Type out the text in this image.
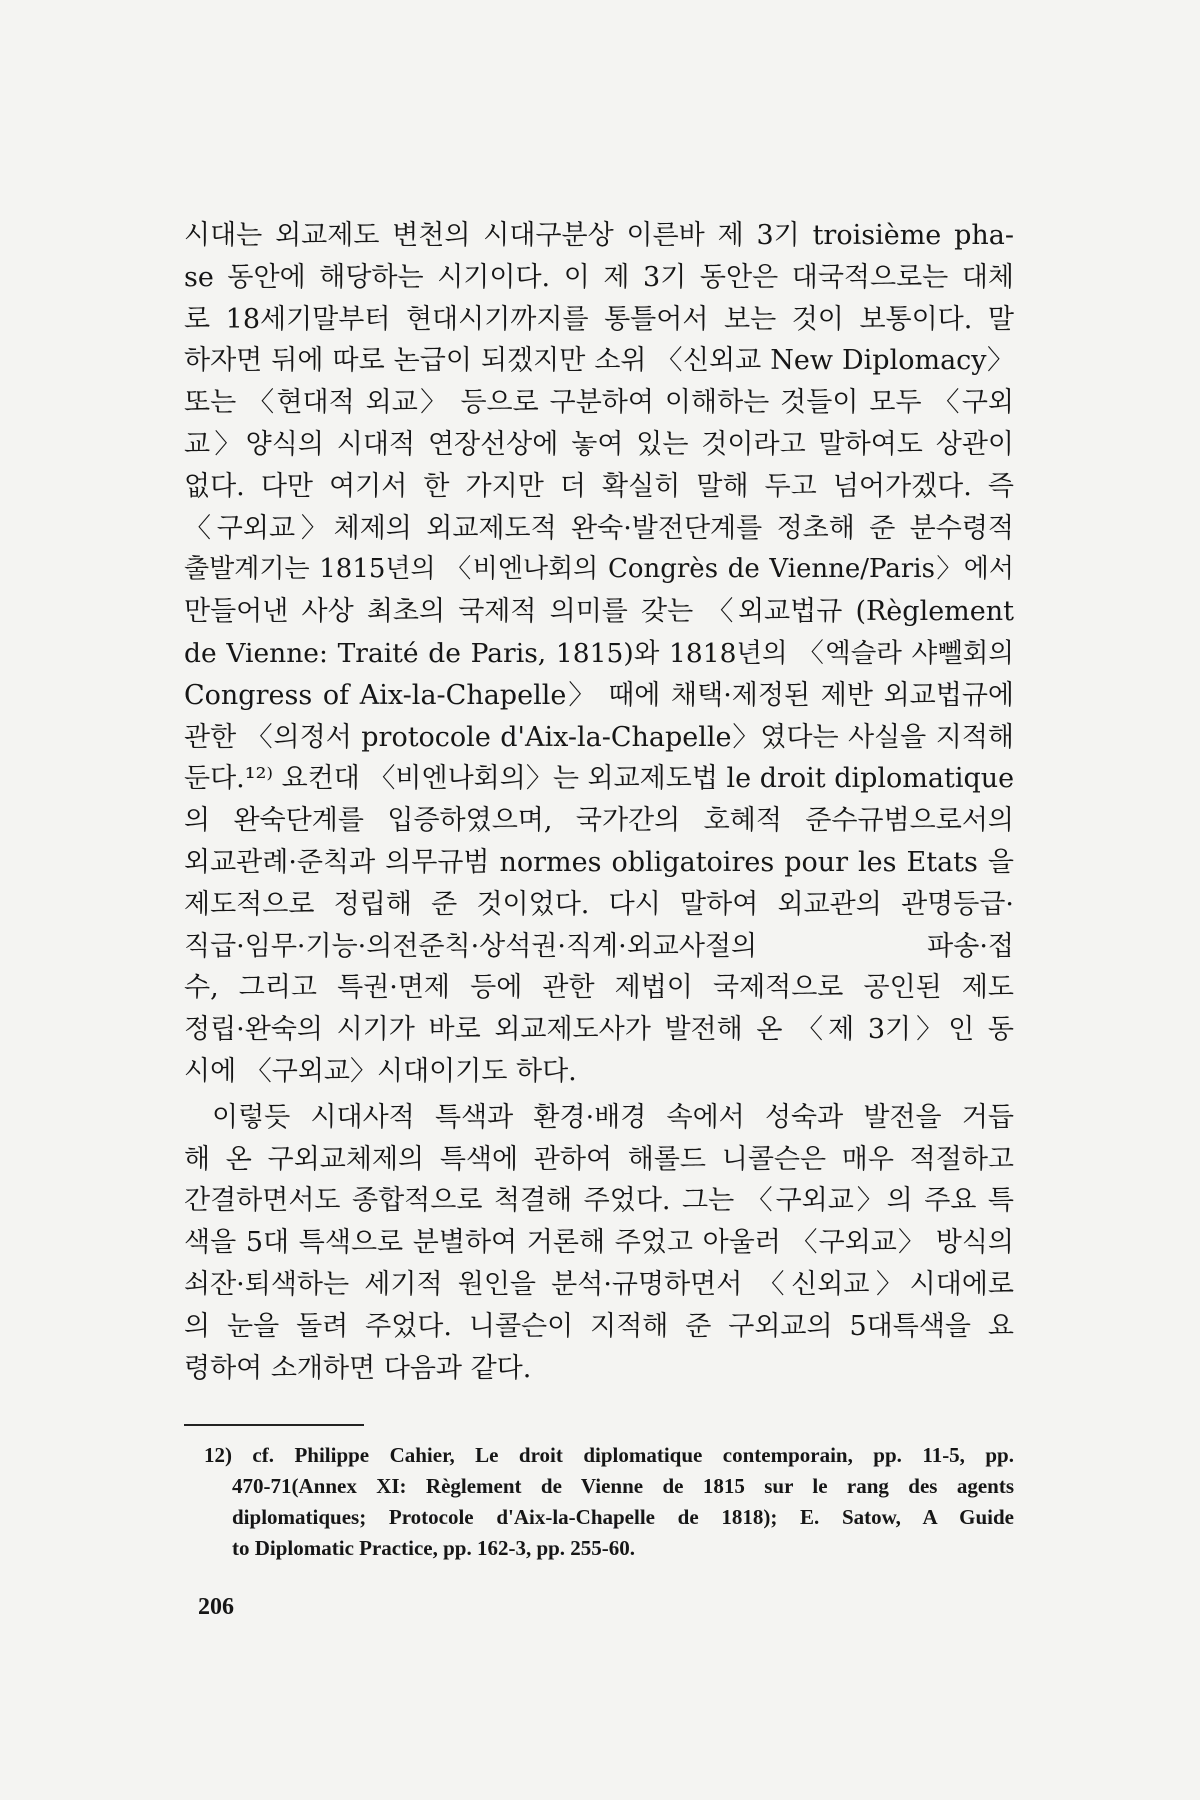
시대는 외교제도 변천의 시대구분상 이른바 제 3기 troisième pha-

se 동안에 해당하는 시기이다. 이 제 3기 동안은 대국적으로는 대체

로 18세기말부터 현대시기까지를 통틀어서 보는 것이 보통이다. 말

하자면 뒤에 따로 논급이 되겠지만 소위 〈신외교 New Diplomacy〉

또는 〈현대적 외교〉 등으로 구분하여 이해하는 것들이 모두 〈구외

교〉양식의 시대적 연장선상에 놓여 있는 것이라고 말하여도 상관이

없다. 다만 여기서 한 가지만 더 확실히 말해 두고 넘어가겠다. 즉

〈구외교〉체제의 외교제도적 완숙·발전단계를 정초해 준 분수령적

출발계기는 1815년의 〈비엔나회의 Congrès de Vienne/Paris〉에서

만들어낸 사상 최초의 국제적 의미를 갖는 〈외교법규 (Règlement

de Vienne: Traité de Paris, 1815)와 1818년의 〈엑슬라 샤뻴회의

Congress of Aix-la-Chapelle〉 때에 채택·제정된 제반 외교법규에

관한 〈의정서 protocole d'Aix-la-Chapelle〉였다는 사실을 지적해

둔다.¹²⁾ 요컨대 〈비엔나회의〉는 외교제도법 le droit diplomatique

의 완숙단계를 입증하였으며, 국가간의 호혜적 준수규범으로서의

외교관례·준칙과 의무규범 normes obligatoires pour les Etats 을

제도적으로 정립해 준 것이었다. 다시 말하여 외교관의 관명등급·

직급·임무·기능·의전준칙·상석권·직계·외교사절의 파송·접

수, 그리고 특권·면제 등에 관한 제법이 국제적으로 공인된 제도

정립·완숙의 시기가 바로 외교제도사가 발전해 온 〈제 3기〉인 동

시에 〈구외교〉시대이기도 하다.

이렇듯 시대사적 특색과 환경·배경 속에서 성숙과 발전을 거듭

해 온 구외교체제의 특색에 관하여 해롤드 니콜슨은 매우 적절하고

간결하면서도 종합적으로 척결해 주었다. 그는 〈구외교〉의 주요 특

색을 5대 특색으로 분별하여 거론해 주었고 아울러 〈구외교〉 방식의

쇠잔·퇴색하는 세기적 원인을 분석·규명하면서 〈신외교〉시대에로

의 눈을 돌려 주었다. 니콜슨이 지적해 준 구외교의 5대특색을 요

령하여 소개하면 다음과 같다.

12) cf. Philippe Cahier, Le droit diplomatique contemporain, pp. 11-5, pp.

470-71(Annex XI: Règlement de Vienne de 1815 sur le rang des agents

diplomatiques; Protocole d'Aix-la-Chapelle de 1818); E. Satow, A Guide

to Diplomatic Practice, pp. 162-3, pp. 255-60.

206
